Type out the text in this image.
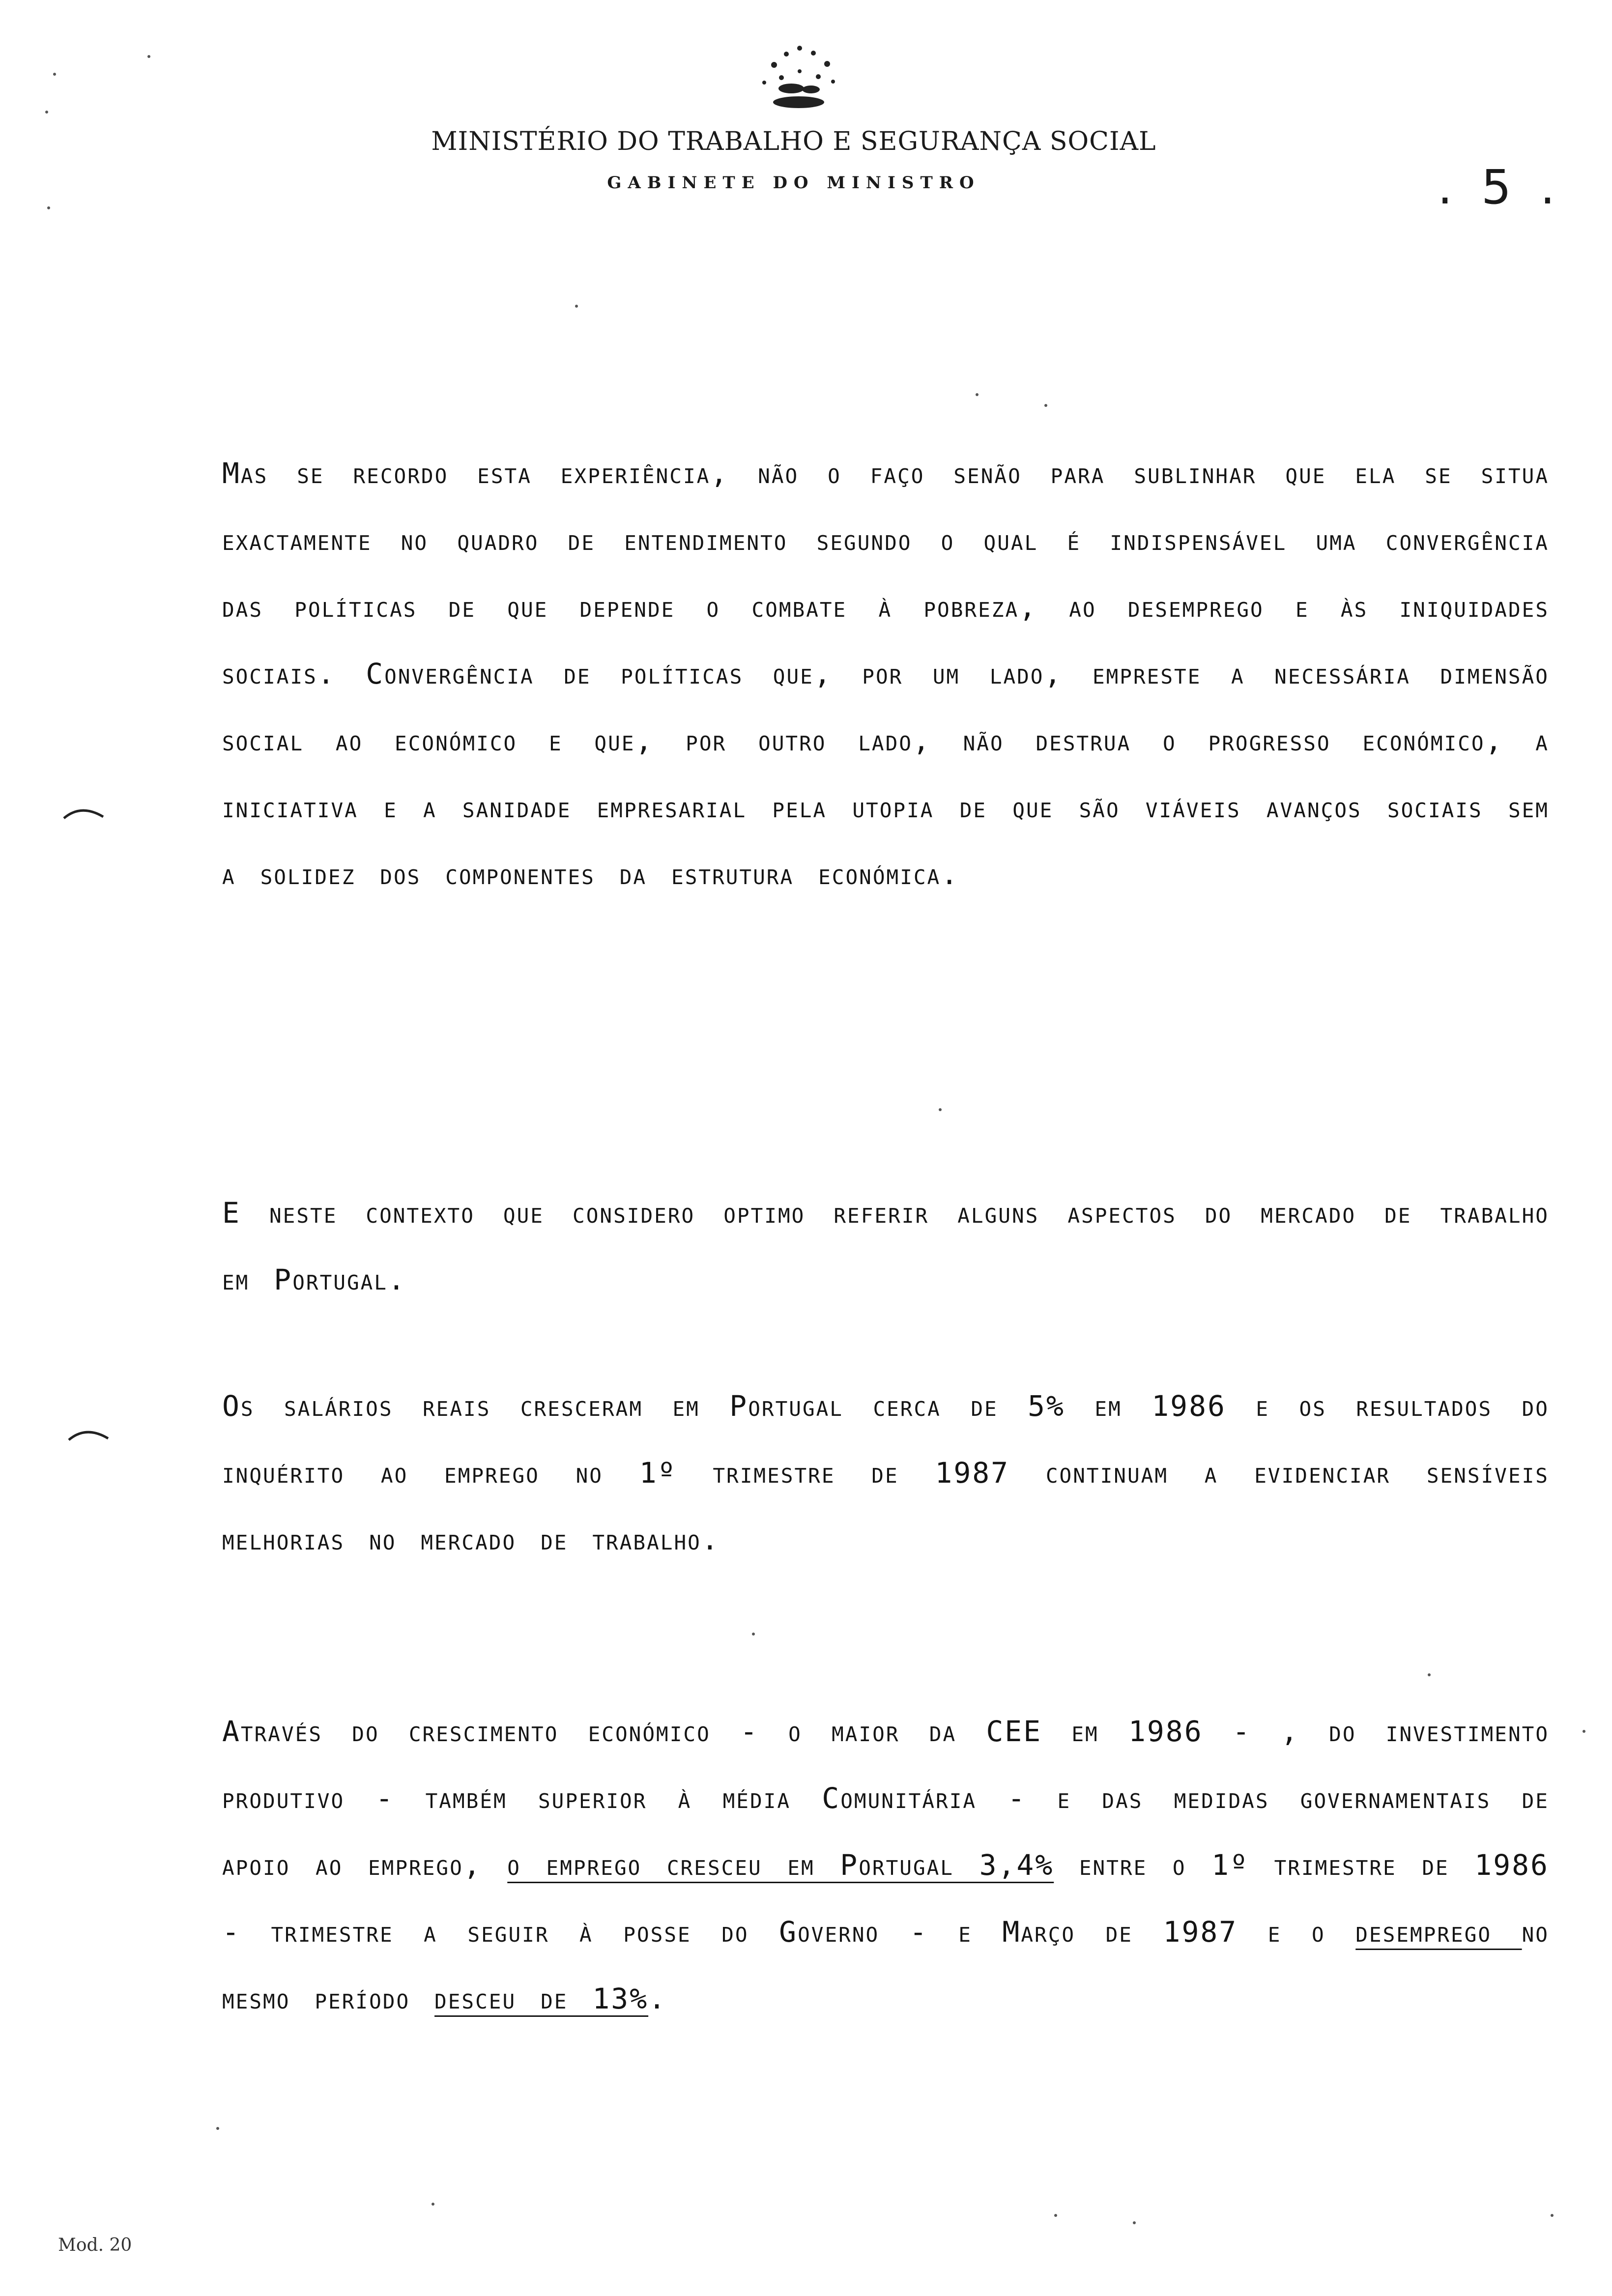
MINISTÉRIO DO TRABALHO E SEGURANÇA SOCIAL
GABINETE DO MINISTRO	. 5 .

Mas se recordo esta experiência, não o faço senão para sublinhar que ela se situa exactamente no quadro de entendimento segundo o qual é indispensável uma convergência das políticas de que depende o combate à pobreza, ao desemprego e às iniquidades sociais. Convergência de políticas que, por um lado, empreste a necessária dimensão social ao económico e que, por outro lado, não destrua o progresso económico, a iniciativa e a sanidade empresarial pela utopia de que são viáveis avanços sociais sem a solidez dos componentes da estrutura económica.

E neste contexto que considero optimo referir alguns aspectos do mercado de trabalho em Portugal.

Os salários reais cresceram em Portugal cerca de 5% em 1986 e os resultados do inquérito ao emprego no 1º trimestre de 1987 continuam a evidenciar sensíveis melhorias no mercado de trabalho.

Através do crescimento económico - o maior da CEE em 1986 - , do investimento produtivo - também superior à média Comunitária - e das medidas governamentais de apoio ao emprego, o emprego cresceu em Portugal 3,4% entre o 1º trimestre de 1986 - trimestre a seguir à posse do Governo - e Março de 1987 e o desemprego no mesmo período desceu de 13%.

Mod. 20
